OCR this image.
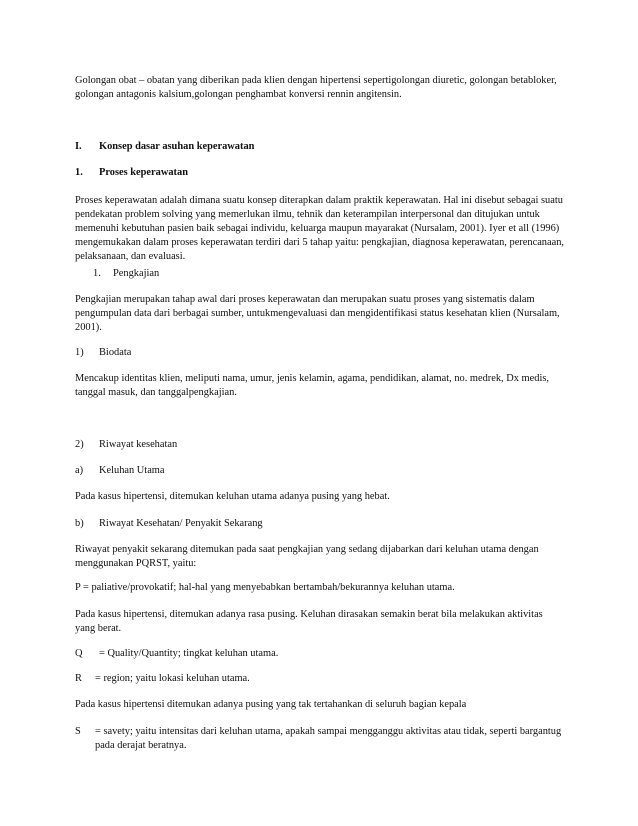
Golongan obat – obatan yang diberikan pada klien dengan hipertensi sepertigolongan diuretic, golongan betabloker, golongan antagonis kalsium,golongan penghambat konversi rennin angitensin.

I. Konsep dasar asuhan keperawatan
1. Proses keperawatan

Proses keperawatan adalah dimana suatu konsep diterapkan dalam praktik keperawatan. Hal ini disebut sebagai suatu pendekatan problem solving yang memerlukan ilmu, tehnik dan keterampilan interpersonal dan ditujukan untuk memenuhi kebutuhan pasien baik sebagai individu, keluarga maupun mayarakat (Nursalam, 2001). Iyer et all (1996) mengemukakan dalam proses keperawatan terdiri dari 5 tahap yaitu: pengkajian, diagnosa keperawatan, perencanaan, pelaksanaan, dan evaluasi.

1. Pengkajian

Pengkajian merupakan tahap awal dari proses keperawatan dan merupakan suatu proses yang sistematis dalam pengumpulan data dari berbagai sumber, untukmengevaluasi dan mengidentifikasi status kesehatan klien (Nursalam, 2001).

1) Biodata

Mencakup identitas klien, meliputi nama, umur, jenis kelamin, agama, pendidikan, alamat, no. medrek, Dx medis, tanggal masuk, dan tanggalpengkajian.

2) Riwayat kesehatan
a) Keluhan Utama

Pada kasus hipertensi, ditemukan keluhan utama adanya pusing yang hebat.

b) Riwayat Kesehatan/ Penyakit Sekarang

Riwayat penyakit sekarang ditemukan pada saat pengkajian yang sedang dijabarkan dari keluhan utama dengan menggunakan PQRST, yaitu:

P = paliative/provokatif; hal-hal yang menyebabkan bertambah/bekurannya keluhan utama.

Pada kasus hipertensi, ditemukan adanya rasa pusing. Keluhan dirasakan semakin berat bila melakukan aktivitas yang berat.

Q = Quality/Quantity; tingkat keluhan utama.
R = region; yaitu lokasi keluhan utama.

Pada kasus hipertensi ditemukan adanya pusing yang tak tertahankan di seluruh bagian kepala

S = savety; yaitu intensitas dari keluhan utama, apakah sampai mengganggu aktivitas atau tidak, seperti bargantug pada derajat beratnya.
